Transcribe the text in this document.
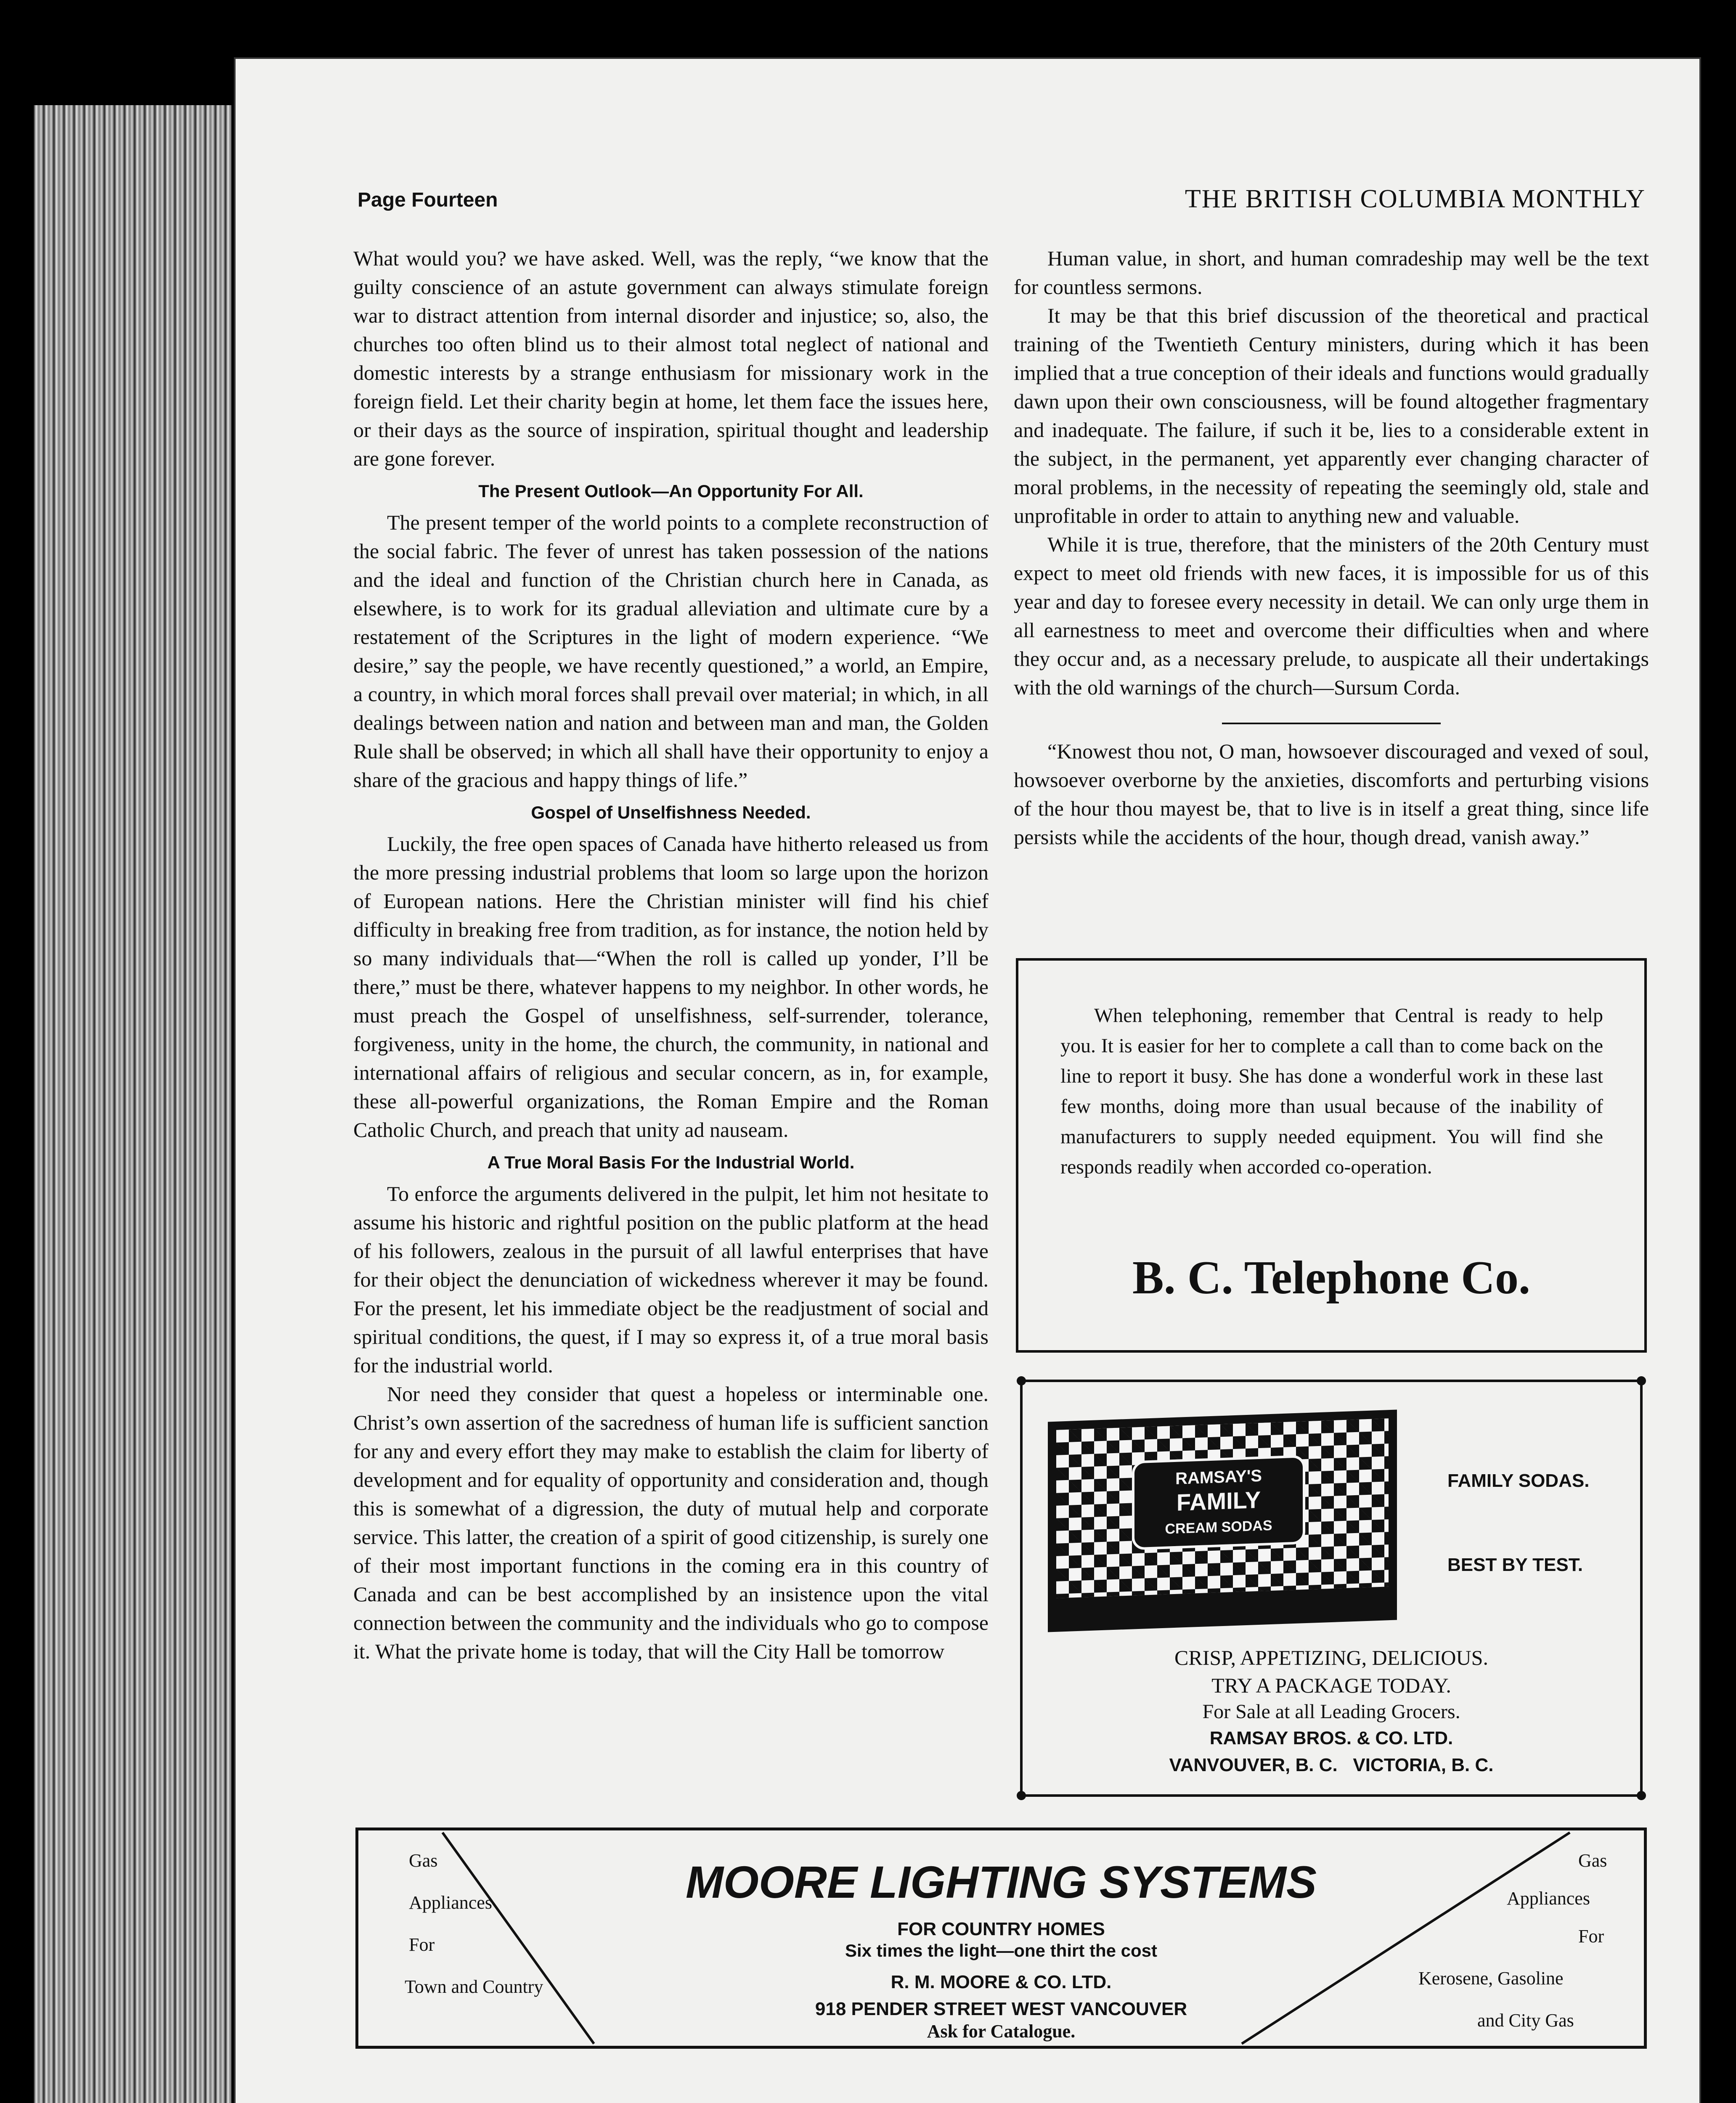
Page Fourteen	THE BRITISH COLUMBIA MONTHLY

What would you? we have asked. Well, was the reply, “we know that the guilty conscience of an astute government can always stimulate foreign war to distract attention from internal disorder and injustice; so, also, the churches too often blind us to their almost total neglect of national and domestic interests by a strange enthusiasm for missionary work in the foreign field. Let their charity begin at home, let them face the issues here, or their days as the source of inspiration, spiritual thought and leadership are gone forever.

The Present Outlook—An Opportunity For All.

The present temper of the world points to a complete reconstruction of the social fabric. The fever of unrest has taken possession of the nations and the ideal and function of the Christian church here in Canada, as elsewhere, is to work for its gradual alleviation and ultimate cure by a restatement of the Scriptures in the light of modern experience. “We desire,” say the people, we have recently questioned,” a world, an Empire, a country, in which moral forces shall prevail over material; in which, in all dealings between nation and nation and between man and man, the Golden Rule shall be observed; in which all shall have their opportunity to enjoy a share of the gracious and happy things of life.”

Gospel of Unselfishness Needed.

Luckily, the free open spaces of Canada have hitherto released us from the more pressing industrial problems that loom so large upon the horizon of European nations. Here the Christian minister will find his chief difficulty in breaking free from tradition, as for instance, the notion held by so many individuals that—“When the roll is called up yonder, I’ll be there,” must be there, whatever happens to my neighbor. In other words, he must preach the Gospel of unselfishness, self-surrender, tolerance, forgiveness, unity in the home, the church, the community, in national and international affairs of religious and secular concern, as in, for example, these all-powerful organizations, the Roman Empire and the Roman Catholic Church, and preach that unity ad nauseam.

A True Moral Basis For the Industrial World.

To enforce the arguments delivered in the pulpit, let him not hesitate to assume his historic and rightful position on the public platform at the head of his followers, zealous in the pursuit of all lawful enterprises that have for their object the denunciation of wickedness wherever it may be found. For the present, let his immediate object be the readjustment of social and spiritual conditions, the quest, if I may so express it, of a true moral basis for the industrial world.

Nor need they consider that quest a hopeless or interminable one. Christ’s own assertion of the sacredness of human life is sufficient sanction for any and every effort they may make to establish the claim for liberty of development and for equality of opportunity and consideration and, though this is somewhat of a digression, the duty of mutual help and corporate service. This latter, the creation of a spirit of good citizenship, is surely one of their most important functions in the coming era in this country of Canada and can be best accomplished by an insistence upon the vital connection between the community and the individuals who go to compose it. What the private home is today, that will the City Hall be tomorrow

Human value, in short, and human comradeship may well be the text for countless sermons.

It may be that this brief discussion of the theoretical and practical training of the Twentieth Century ministers, during which it has been implied that a true conception of their ideals and functions would gradually dawn upon their own consciousness, will be found altogether fragmentary and inadequate. The failure, if such it be, lies to a considerable extent in the subject, in the permanent, yet apparently ever changing character of moral problems, in the necessity of repeating the seemingly old, stale and unprofitable in order to attain to anything new and valuable.

While it is true, therefore, that the ministers of the 20th Century must expect to meet old friends with new faces, it is impossible for us of this year and day to foresee every necessity in detail. We can only urge them in all earnestness to meet and overcome their difficulties when and where they occur and, as a necessary prelude, to auspicate all their undertakings with the old warnings of the church—Sursum Corda.

“Knowest thou not, O man, howsoever discouraged and vexed of soul, howsoever overborne by the anxieties, discomforts and perturbing visions of the hour thou mayest be, that to live is in itself a great thing, since life persists while the accidents of the hour, though dread, vanish away.”

When telephoning, remember that Central is ready to help you. It is easier for her to complete a call than to come back on the line to report it busy. She has done a wonderful work in these last few months, doing more than usual because of the inability of manufacturers to supply needed equipment. You will find she responds readily when accorded co-operation.
B. C. Telephone Co.
RAMSAY'S
FAMILY
CREAM SODAS
FAMILY SODAS.
BEST BY TEST.
CRISP, APPETIZING, DELICIOUS.
TRY A PACKAGE TODAY.
For Sale at all Leading Grocers.
RAMSAY BROS. & CO. LTD.
VANVOUVER, B. C.   VICTORIA, B. C.
Gas
Appliances
For
Town and Country
Gas
Appliances
For
Kerosene, Gasoline
and City Gas
MOORE LIGHTING SYSTEMS
FOR COUNTRY HOMES
Six times the light—one thirt the cost
R. M. MOORE & CO. LTD.
918 PENDER STREET WEST VANCOUVER
Ask for Catalogue.
